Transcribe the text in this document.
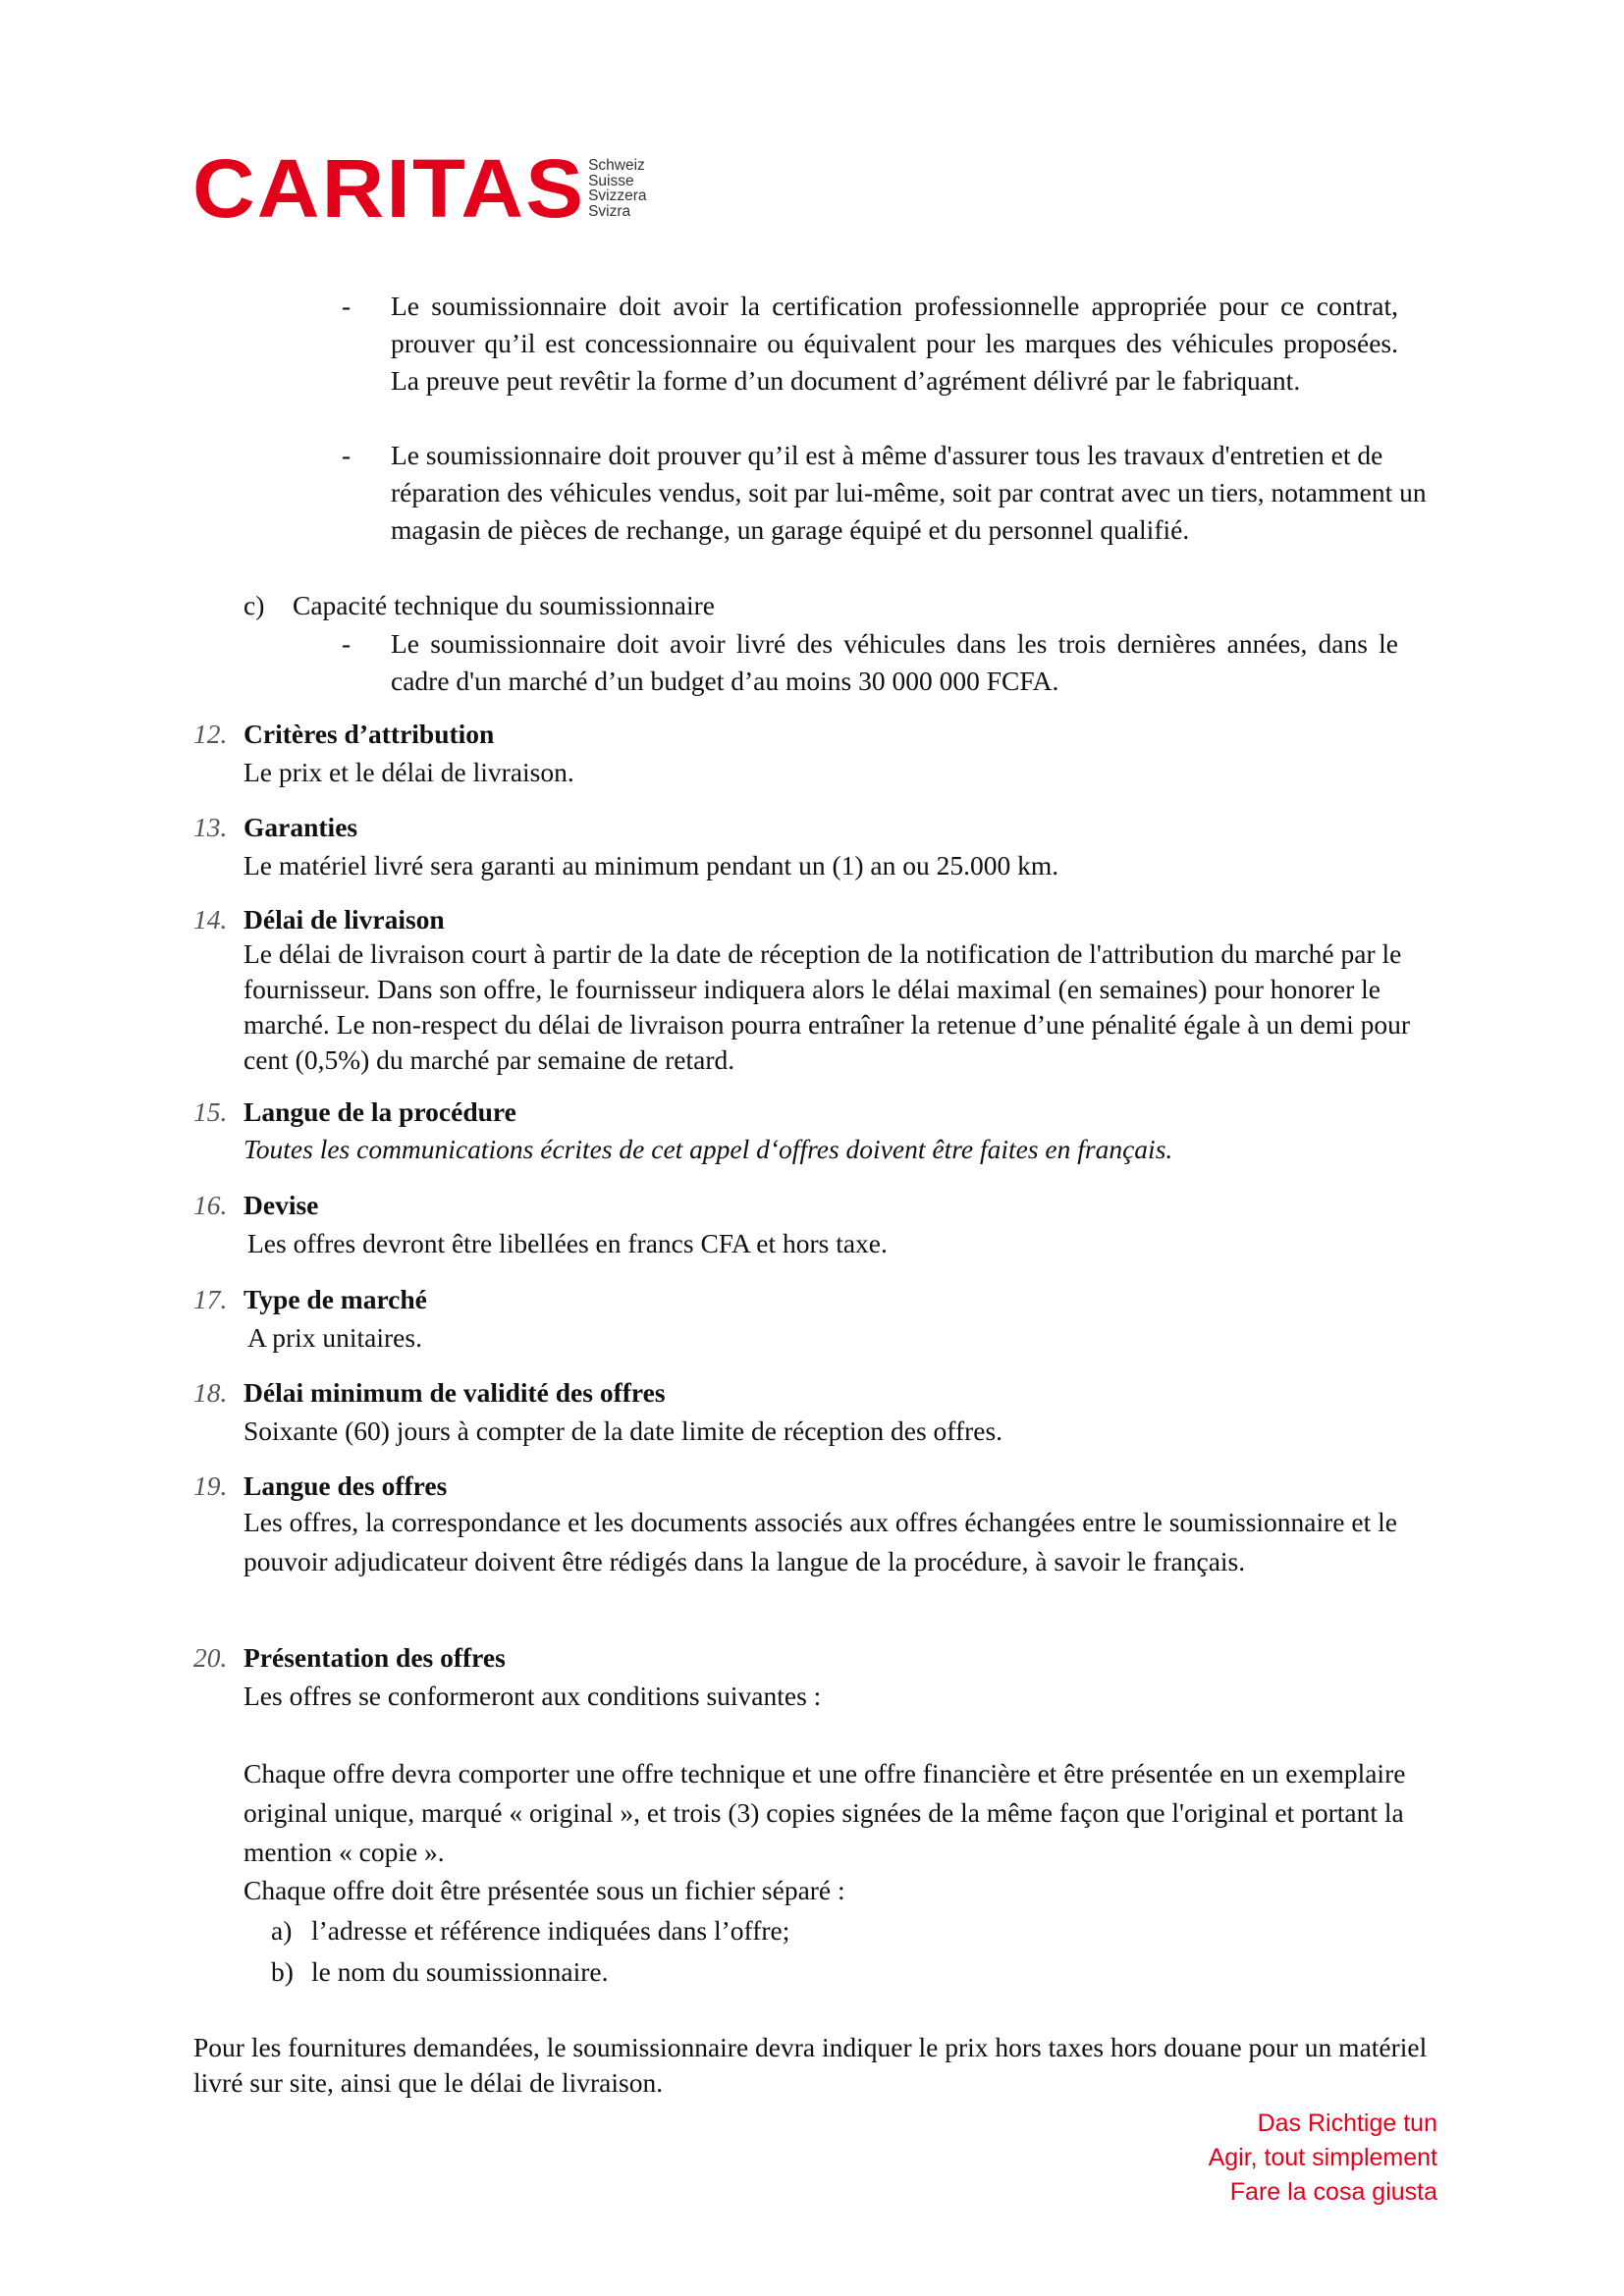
CARITAS Schweiz
Suisse
Svizzera
Svizra
- Le soumissionnaire doit avoir la certification professionnelle appropriée pour ce contrat, prouver qu’il est concessionnaire ou équivalent pour les marques des véhicules proposées. La preuve peut revêtir la forme d’un document d’agrément délivré par le fabriquant.
- Le soumissionnaire doit prouver qu’il est à même d'assurer tous les travaux d'entretien et de réparation des véhicules vendus, soit par lui-même, soit par contrat avec un tiers, notamment un magasin de pièces de rechange, un garage équipé et du personnel qualifié.
c) Capacité technique du soumissionnaire
- Le soumissionnaire doit avoir livré des véhicules dans les trois dernières années, dans le cadre d'un marché d’un budget d’au moins 30 000 000 FCFA.
12. Critères d’attribution
Le prix et le délai de livraison.
13. Garanties
Le matériel livré sera garanti au minimum pendant un (1) an ou 25.000 km.
14. Délai de livraison
Le délai de livraison court à partir de la date de réception de la notification de l'attribution du marché par le fournisseur. Dans son offre, le fournisseur indiquera alors le délai maximal (en semaines) pour honorer le marché. Le non-respect du délai de livraison pourra entraîner la retenue d’une pénalité égale à un demi pour cent (0,5%) du marché par semaine de retard.
15. Langue de la procédure
Toutes les communications écrites de cet appel d‘offres doivent être faites en français.
16. Devise
Les offres devront être libellées en francs CFA et hors taxe.
17. Type de marché
A prix unitaires.
18. Délai minimum de validité des offres
Soixante (60) jours à compter de la date limite de réception des offres.
19. Langue des offres
Les offres, la correspondance et les documents associés aux offres échangées entre le soumissionnaire et le pouvoir adjudicateur doivent être rédigés dans la langue de la procédure, à savoir le français.
20. Présentation des offres
Les offres se conformeront aux conditions suivantes :
Chaque offre devra comporter une offre technique et une offre financière et être présentée en un exemplaire original unique, marqué « original », et trois (3) copies signées de la même façon que l'original et portant la mention « copie ».
Chaque offre doit être présentée sous un fichier séparé :
a) l’adresse et référence indiquées dans l’offre;
b) le nom du soumissionnaire.
Pour les fournitures demandées, le soumissionnaire devra indiquer le prix hors taxes hors douane pour un matériel livré sur site, ainsi que le délai de livraison.
Das Richtige tun
Agir, tout simplement
Fare la cosa giusta
